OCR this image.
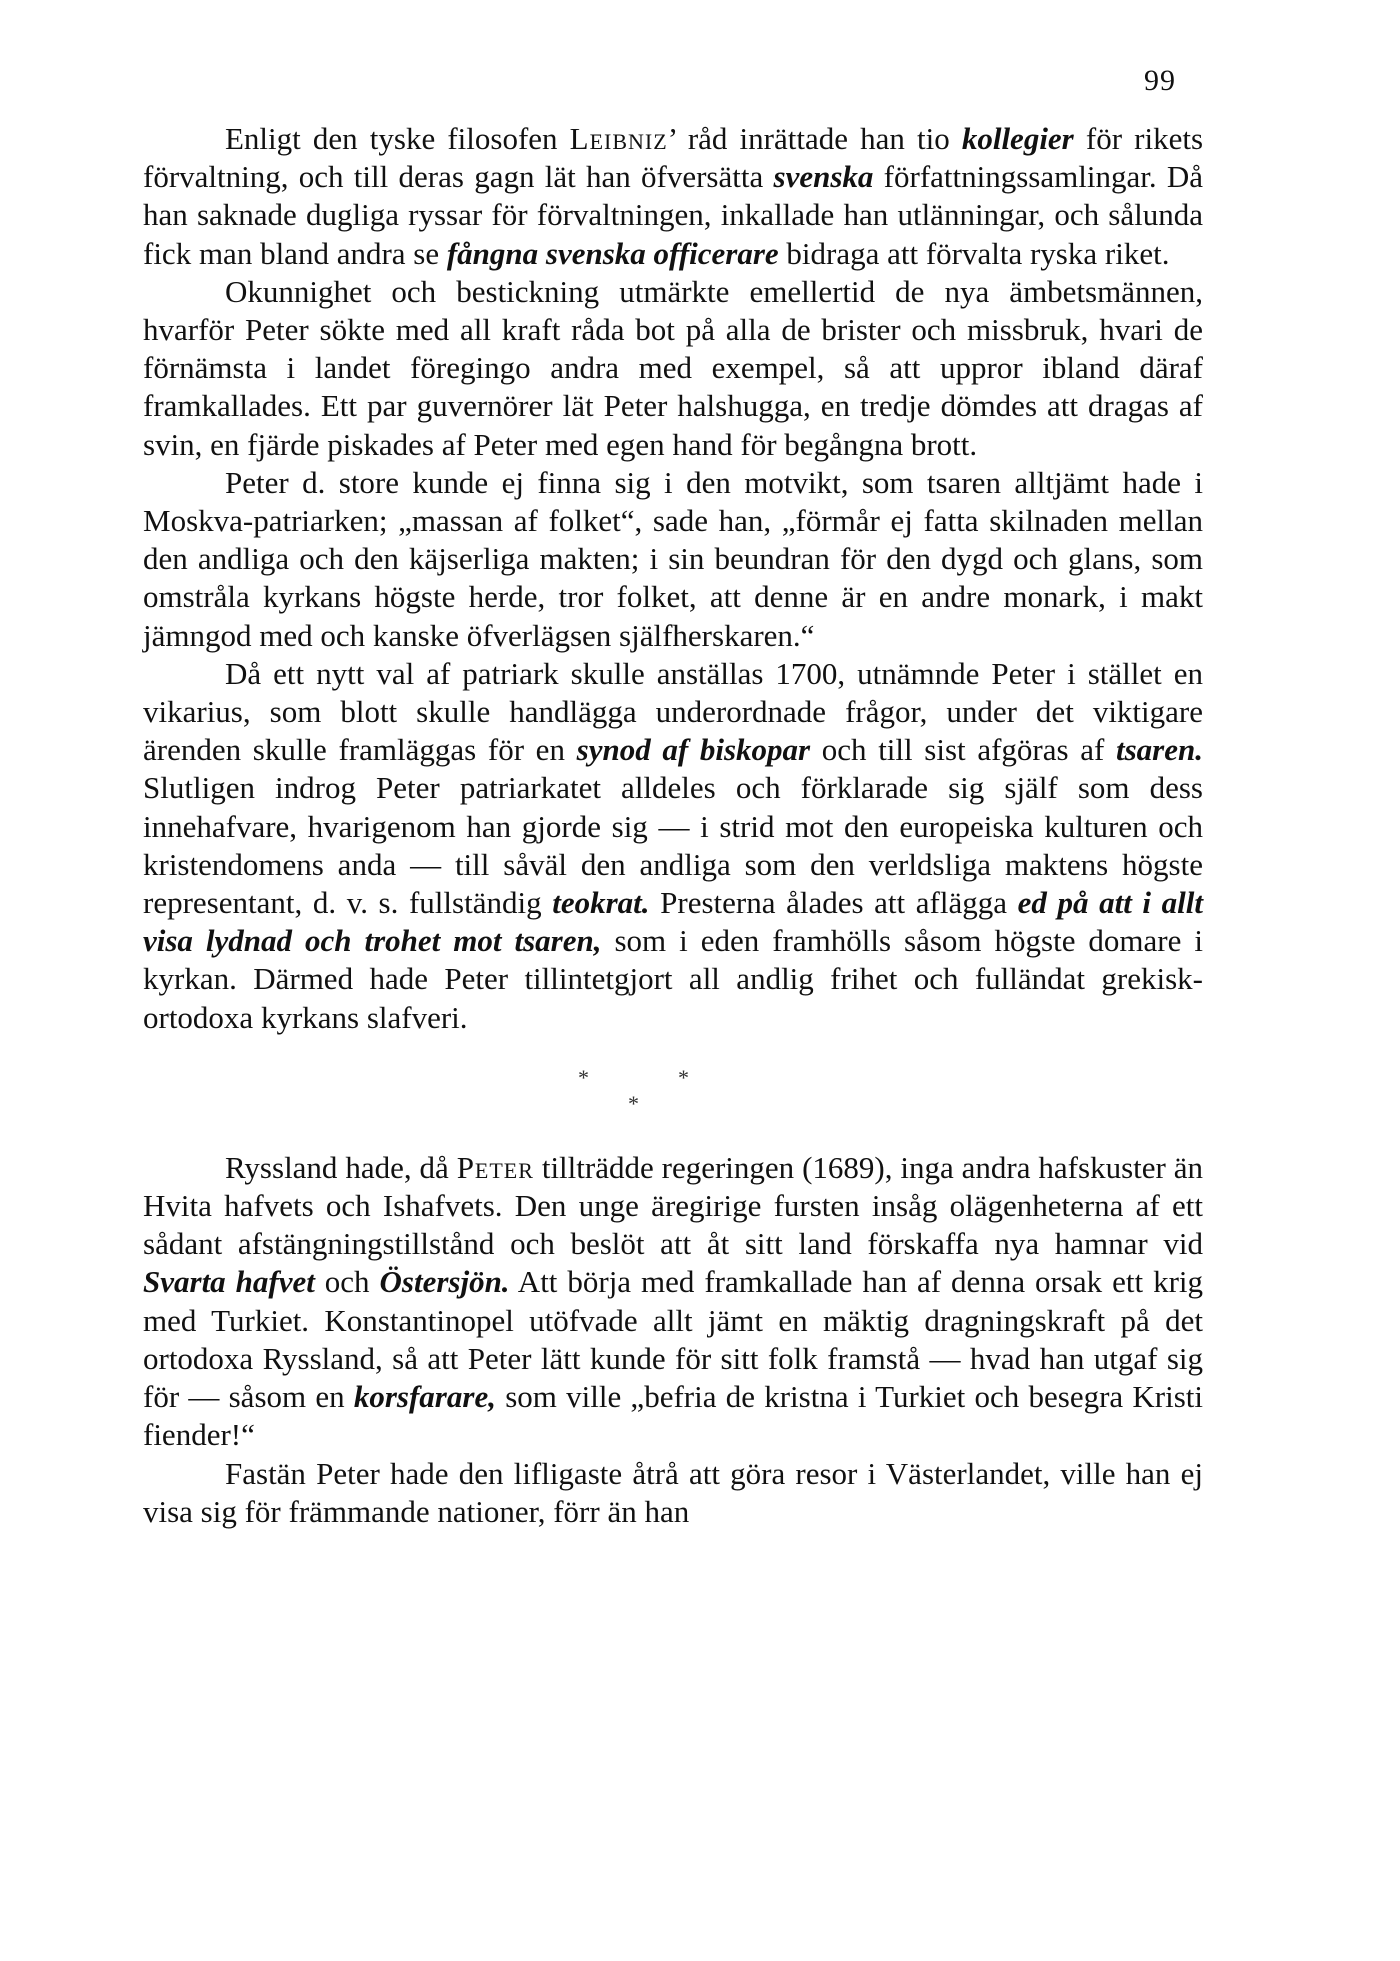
99

Enligt den tyske filosofen Leibniz’ råd inrättade han tio kollegier för rikets förvaltning, och till deras gagn lät han öfversätta svenska författningssamlingar. Då han saknade dugliga ryssar för förvaltningen, inkallade han utlänningar, och sålunda fick man bland andra se fångna svenska officerare bidraga att förvalta ryska riket.

Okunnighet och bestickning utmärkte emellertid de nya ämbetsmännen, hvarför Peter sökte med all kraft råda bot på alla de brister och missbruk, hvari de förnämsta i landet föregingo andra med exempel, så att uppror ibland däraf framkallades. Ett par guvernörer lät Peter halshugga, en tredje dömdes att dragas af svin, en fjärde piskades af Peter med egen hand för begångna brott.

Peter d. store kunde ej finna sig i den motvikt, som tsaren alltjämt hade i Moskva-patriarken; „massan af folket“, sade han, „förmår ej fatta skilnaden mellan den andliga och den käjserliga makten; i sin beundran för den dygd och glans, som omstråla kyrkans högste herde, tror folket, att denne är en andre monark, i makt jämngod med och kanske öfverlägsen själfherskaren.“

Då ett nytt val af patriark skulle anställas 1700, utnämnde Peter i stället en vikarius, som blott skulle handlägga underordnade frågor, under det viktigare ärenden skulle framläggas för en synod af biskopar och till sist afgöras af tsaren. Slutligen indrog Peter patriarkatet alldeles och förklarade sig själf som dess innehafvare, hvarigenom han gjorde sig — i strid mot den europeiska kulturen och kristendomens anda — till såväl den andliga som den verldsliga maktens högste representant, d. v. s. fullständig teokrat. Presterna ålades att aflägga ed på att i allt visa lydnad och trohet mot tsaren, som i eden framhölls såsom högste domare i kyrkan. Därmed hade Peter tillintetgjort all andlig frihet och fulländat grekisk-ortodoxa kyrkans slafveri.

*	*
*

Ryssland hade, då Peter tillträdde regeringen (1689), inga andra hafskuster än Hvita hafvets och Ishafvets. Den unge äregirige fursten insåg olägenheterna af ett sådant afstängningstillstånd och beslöt att åt sitt land förskaffa nya hamnar vid Svarta hafvet och Östersjön. Att börja med framkallade han af denna orsak ett krig med Turkiet. Konstantinopel utöfvade allt jämt en mäktig dragningskraft på det ortodoxa Ryssland, så att Peter lätt kunde för sitt folk framstå — hvad han utgaf sig för — såsom en korsfarare, som ville „befria de kristna i Turkiet och besegra Kristi fiender!“

Fastän Peter hade den lifligaste åtrå att göra resor i Västerlandet, ville han ej visa sig för främmande nationer, förr än han
